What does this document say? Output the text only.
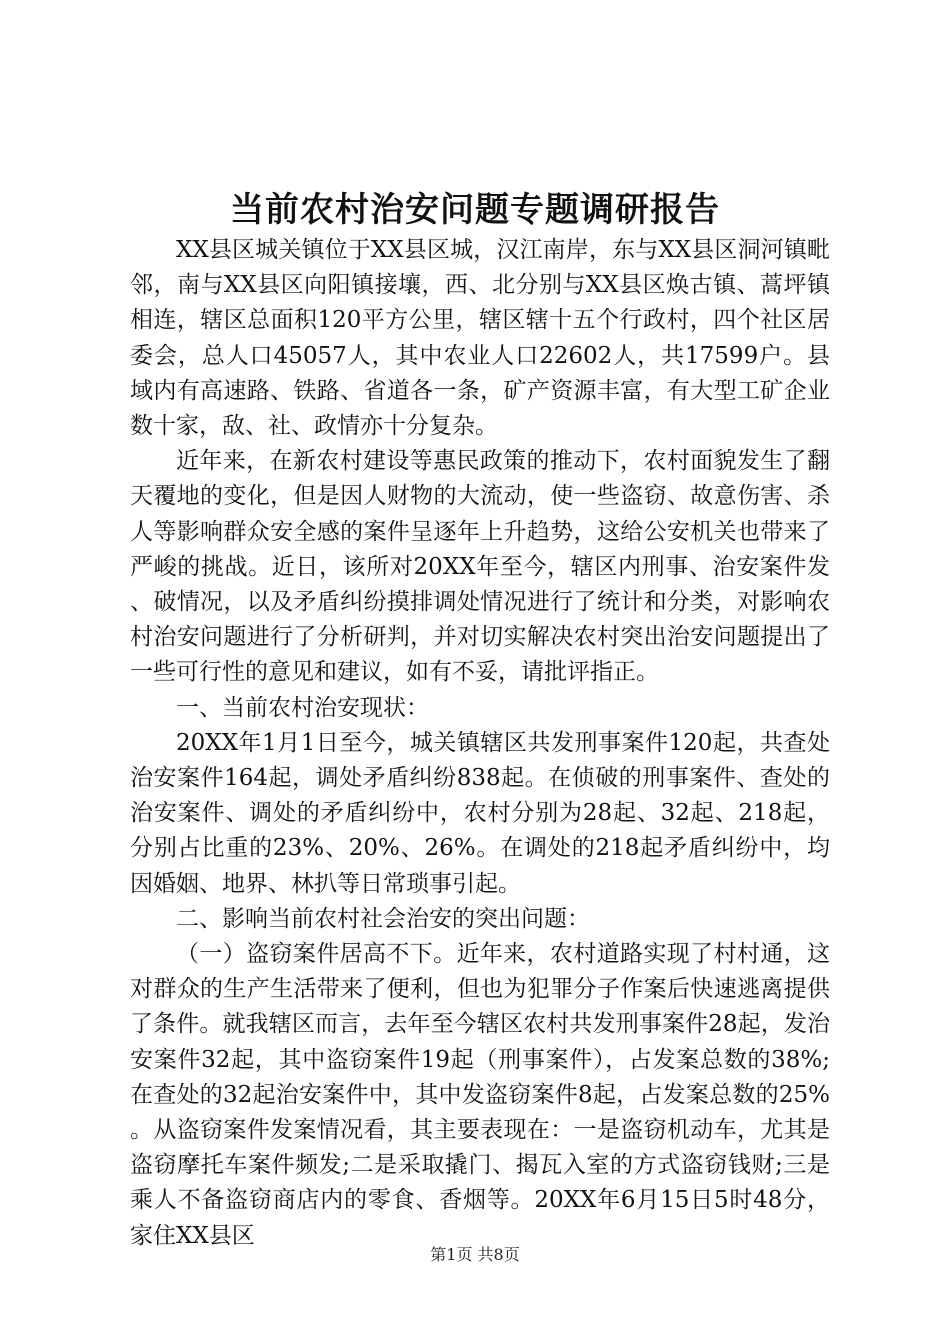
当前农村治安问题专题调研报告

XX县区城关镇位于XX县区城，汉江南岸，东与XX县区洞河镇毗邻，南与XX县区向阳镇接壤，西、北分别与XX县区焕古镇、蒿坪镇相连，辖区总面积120平方公里，辖区辖十五个行政村，四个社区居委会，总人口45057人，其中农业人口22602人，共17599户。县域内有高速路、铁路、省道各一条，矿产资源丰富，有大型工矿企业数十家，敌、社、政情亦十分复杂。

近年来，在新农村建设等惠民政策的推动下，农村面貌发生了翻天覆地的变化，但是因人财物的大流动，使一些盗窃、故意伤害、杀人等影响群众安全感的案件呈逐年上升趋势，这给公安机关也带来了严峻的挑战。近日，该所对20XX年至今，辖区内刑事、治安案件发、破情况，以及矛盾纠纷摸排调处情况进行了统计和分类，对影响农村治安问题进行了分析研判，并对切实解决农村突出治安问题提出了一些可行性的意见和建议，如有不妥，请批评指正。

一、当前农村治安现状：

20XX年1月1日至今，城关镇辖区共发刑事案件120起，共查处治安案件164起，调处矛盾纠纷838起。在侦破的刑事案件、查处的治安案件、调处的矛盾纠纷中，农村分别为28起、32起、218起，分别占比重的23%、20%、26%。在调处的218起矛盾纠纷中，均因婚姻、地界、林扒等日常琐事引起。

二、影响当前农村社会治安的突出问题：

（一）盗窃案件居高不下。近年来，农村道路实现了村村通，这对群众的生产生活带来了便利，但也为犯罪分子作案后快速逃离提供了条件。就我辖区而言，去年至今辖区农村共发刑事案件28起，发治安案件32起，其中盗窃案件19起（刑事案件），占发案总数的38%;在查处的32起治安案件中，其中发盗窃案件8起，占发案总数的25%。从盗窃案件发案情况看，其主要表现在：一是盗窃机动车，尤其是盗窃摩托车案件频发;二是采取撬门、揭瓦入室的方式盗窃钱财;三是乘人不备盗窃商店内的零食、香烟等。20XX年6月15日5时48分，家住XX县区

第1页 共8页
